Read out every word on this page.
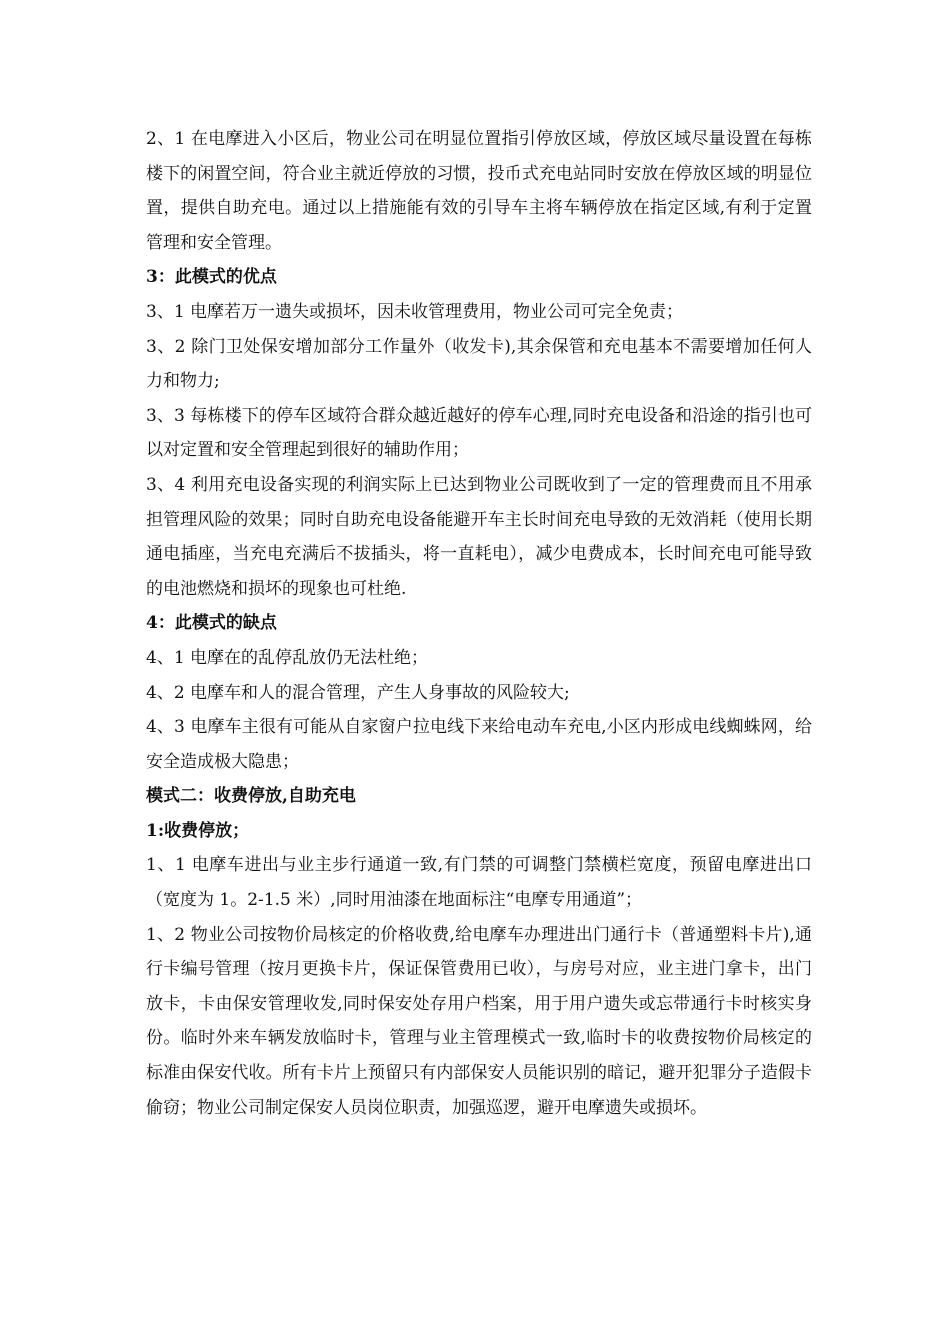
2、1 在电摩进入小区后，物业公司在明显位置指引停放区域，停放区域尽量设置在每栋楼下的闲置空间，符合业主就近停放的习惯，投币式充电站同时安放在停放区域的明显位置，提供自助充电。通过以上措施能有效的引导车主将车辆停放在指定区域,有利于定置管理和安全管理。

3：此模式的优点

3、1 电摩若万一遗失或损坏，因未收管理费用，物业公司可完全免责；

3、2 除门卫处保安增加部分工作量外（收发卡),其余保管和充电基本不需要增加任何人力和物力;

3、3 每栋楼下的停车区域符合群众越近越好的停车心理,同时充电设备和沿途的指引也可以对定置和安全管理起到很好的辅助作用；

3、4 利用充电设备实现的利润实际上已达到物业公司既收到了一定的管理费而且不用承担管理风险的效果；同时自助充电设备能避开车主长时间充电导致的无效消耗（使用长期通电插座，当充电充满后不拔插头，将一直耗电），减少电费成本，长时间充电可能导致的电池燃烧和损坏的现象也可杜绝.

4：此模式的缺点

4、1 电摩在的乱停乱放仍无法杜绝；

4、2 电摩车和人的混合管理，产生人身事故的风险较大;

4、3 电摩车主很有可能从自家窗户拉电线下来给电动车充电,小区内形成电线蜘蛛网，给安全造成极大隐患；

模式二：收费停放,自助充电

1:收费停放；

1、1 电摩车进出与业主步行通道一致,有门禁的可调整门禁横栏宽度，预留电摩进出口（宽度为 1。2-1.5 米）,同时用油漆在地面标注“电摩专用通道”；

1、2 物业公司按物价局核定的价格收费,给电摩车办理进出门通行卡（普通塑料卡片),通行卡编号管理（按月更换卡片，保证保管费用已收），与房号对应，业主进门拿卡，出门放卡，卡由保安管理收发,同时保安处存用户档案，用于用户遗失或忘带通行卡时核实身份。临时外来车辆发放临时卡，管理与业主管理模式一致,临时卡的收费按物价局核定的标准由保安代收。所有卡片上预留只有内部保安人员能识别的暗记，避开犯罪分子造假卡偷窃；物业公司制定保安人员岗位职责，加强巡逻，避开电摩遗失或损坏。
